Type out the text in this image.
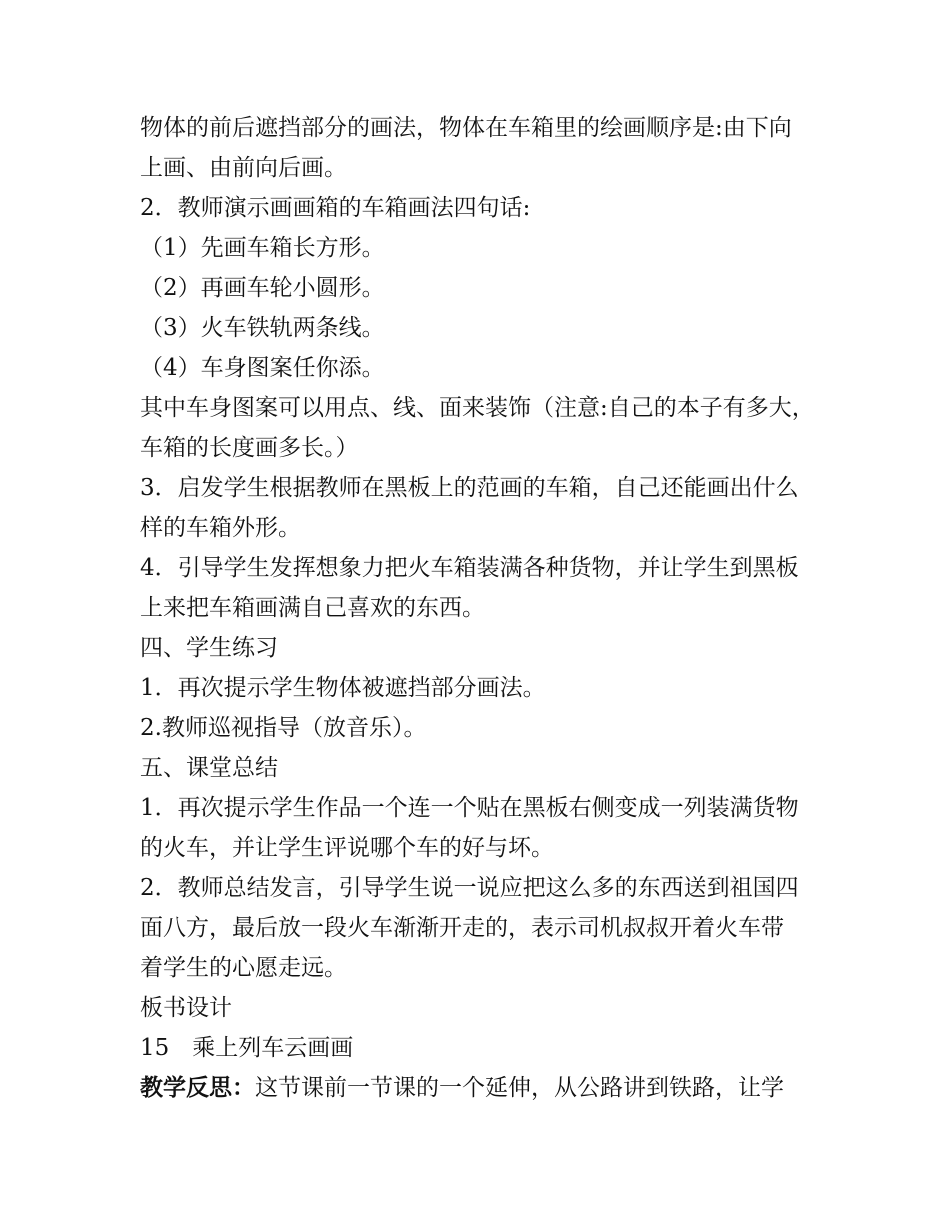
物体的前后遮挡部分的画法，物体在车箱里的绘画顺序是:由下向
上画、由前向后画。
2．教师演示画画箱的车箱画法四句话:
（1）先画车箱长方形。
（2）再画车轮小圆形。
（3）火车铁轨两条线。
（4）车身图案任你添。
其中车身图案可以用点、线、面来装饰（注意:自己的本子有多大，
车箱的长度画多长。）
3．启发学生根据教师在黑板上的范画的车箱，自己还能画出什么
样的车箱外形。
4．引导学生发挥想象力把火车箱装满各种货物，并让学生到黑板
上来把车箱画满自己喜欢的东西。
四、学生练习
1．再次提示学生物体被遮挡部分画法。
2.教师巡视指导（放音乐）。
五、课堂总结
1．再次提示学生作品一个连一个贴在黑板右侧变成一列装满货物
的火车，并让学生评说哪个车的好与坏。
2．教师总结发言，引导学生说一说应把这么多的东西送到祖国四
面八方，最后放一段火车渐渐开走的，表示司机叔叔开着火车带
着学生的心愿走远。
板书设计
15　乘上列车云画画
教学反思：这节课前一节课的一个延伸，从公路讲到铁路，让学
